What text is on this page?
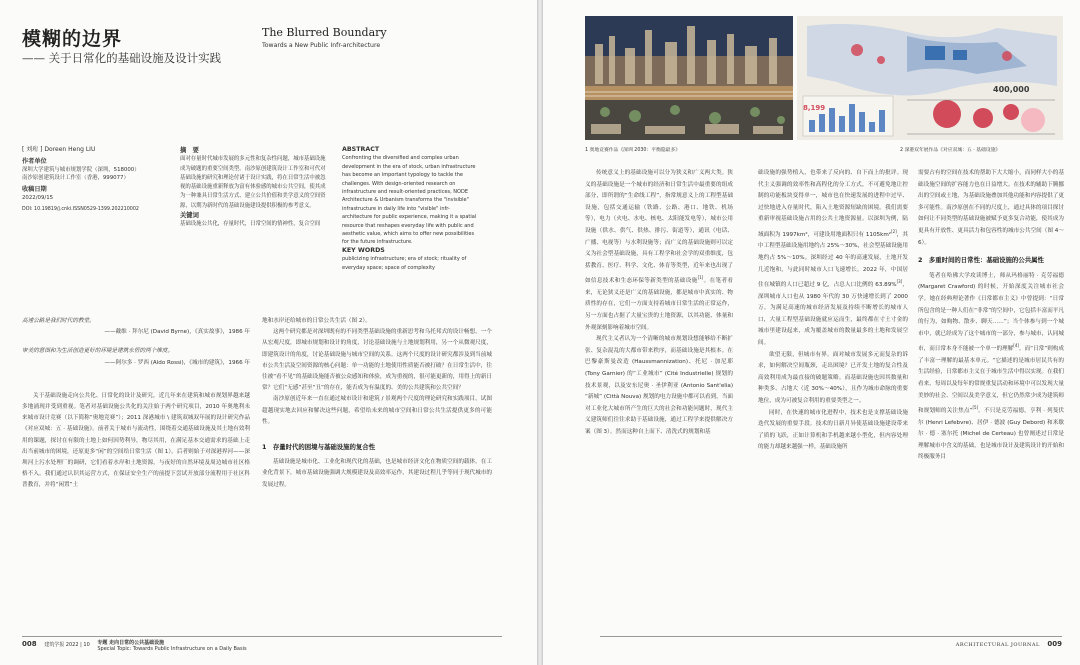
模糊的边界
—— 关于日常化的基础设施及设计实践
The Blurred Boundary
Towards a New Public Infr-architecture
[ 刘珩 ] Doreen Heng LIU
作者单位
深圳大学建筑与城市规划学院（深圳，518000）
南沙原创建筑设计工作室（香港，999077）
收稿日期
2022/09/15
DOI: 10.19819/j.cnki.ISSN0529-1399.202210002
摘　要
面对存量时代城市发展的多元性和复杂性问题，城市基础设施成为破题的重要空间类型。南沙原创建筑设计工作室和可代对基础设施的研究和理论付诸于设计实践，将在日常生活中被忽视的基础设施重新释放为富有体验感的城市公共空间，使其成为一种兼具日常生活方式、建立公共价值和美学意义的空间资源，以期为新时代的基础设施建设提供积极的参考意义。
关键词
基础设施公共化，存量时代，日常空间的情神性，复合空间
ABSTRACT
Confronting the diversified and complex urban development in the era of stock, urban infrastructure has become an important typology to tackle the challenges. With design-oriented research on infrastructure and result-oriented practices, NODE Architecture & Urbanism transforms the "invisible" infrastructure in daily life into "visible" infr-architecture for public experience, making it a spatial resource that reshapes everyday life with public and aesthetic value, which aims to offer new possibilities for the future infrastructure.
KEY WORDS
publicizing infrastructure; era of stock; rituality of everyday space; space of complexity
高速公路是我们时代的教堂。
——戴维 · 拜尔尼 (David Byrne)，《真实故事》，1986 年
审美的意图和为生活创造更好的环境是建筑永恒的两个维度。
——阿尔多 · 罗西 (Aldo Rossi)，《城市的建筑》，1966 年
关于基础设施走向公共化、日常化的设计及研究，近几年来在建筑和城市规划界越来越多地涌现并受到重视。笔者对基础设施公共化的关注始于两个研究项目，2010 年奥地利未来城市设计竞赛（以下简称“奥地竞赛”）；2011 深港城市 \ 建筑双城双年展的设计研究作品《对应双城：五 · 基础设施》。前者关于城市与流动性，围绕着交通基础设施及其土地有效利用的课题，探讨在有限的土地上如何因势利导，物尽其用，在满足基本交通需求的基础上走出当前城市的困境，还原更多“闲”的空间给日常生活（图 1）。后者则始于对深港界河——深圳河上污水处理厂的调研，它们看着水岸和土地资源，与夜好的自然环境及周边城市社区格格不入。我们通过认识其运营方式，在保证安全生产的前提下尝试开放部分流程用于社区科普教育，并将“闲置”土
地和水岸还给城市的日常公共生活（图 2）。
这两个研究都是对深圳既有的不同类型基础设施的重新思考和乌托邦式的设计畅想，一个从宏观尺度，即城市规划和设计的角度，讨论基础设施与土地规划利用，另一个从微观尺度，即建筑设计的角度，讨论基础设施与城市空间的关系。这两个尺度的设计研究都涉及到当前城市公共生活及空间资源的核心问题：单一功能的土地使用性质能否被打破？在日常生活中，往往被“看不见”的基础设施能否被公众感知和体验，成为重视的，很可能更新的，用得上的新日常？它们“无感”甚至“丑”的存在，能否成为有温度的、美的公共建筑和公共空间？
南沙原创近年来一直在通过城市设计和建筑 / 景观两个尺度的理论研究和实践项目，试图超越现实地去回应和解决这些问题，希望给未来的城市空间和日常公共生活提供更多的可能性。
1　存量时代的困境与基础设施的复合性
基础设施是城市化、工业化和现代化的基础，也是城市经济文化在物质空间的载体。在工业化背景下，城市基础设施强调大规模建设及高效率运作，其建设过程几乎等同于现代城市的发展过程。
008 建筑学报 2022 | 10 专题 走向日常的公共基础设施
Special Topic: Towards Public Infrastructure on a Daily Basis
1 奥地竞赛作品《深圳 2030：平衡隐最多》
8,199
400,000
2 深港双年展作品《对应双城：五 · 基础设施》
传统意义上的基础设施可以分为狭义和广义两大类。狭义的基础设施是一个城市的经济和日常生活中最重要的组成部分，即所谓的“生命线工程”，指常规意义上的工程型基础设施，包括交通运输（铁路、公路、港口、地铁、机场等），电力（火电、水电、核电、太阳能发电等），城市公用设施（供水、供气、供热、排污、街道等），通讯（电话、广播、电视等）与水利设施等；而广义的基础设施则可以定义为社会型基础设施，具有工程学和社会学的双重维度，包括教育、医疗、科学、文化、体育等类型，近年来也出现了如信息技术和生态环保等新类型的基础设施[1]。在笔者看来，无论狭义还是广义的基础设施，都是城市中真实的、物质性的存在，它们一方面支持着城市日常生活的正常运作，另一方面也占据了大量宝贵的土地资源，以其功能、体量和外观深刻影响着城市空间。
现代主义者认为一个清晰的城市规划设想能够给不断扩张、复杂混乱的大都市带来秩序，而基础设施是其根本。在巴黎豪斯曼改造 (Haussmannization)、托尼 · 加尼耶 (Tony Garnier) 的“工业城市” (Cité Industrielle) 规划的技术景观，以及安东尼奥 · 圣伊利亚 (Antonio Sant'elia) “新城” (Città Nouva) 规划的电力设施中都可以看到，当面对工业化大城市所产生的巨大的社会和功能问题时，现代主义建筑师们往往求助于基础设施，通过工程学来提供解决方案（图 3）。然而这种自上而下、清洗式的规划和基
础设施的强势植入，也带来了反向的、自下而上的批评。现代主义强调的效率性和高程化的分工方式，不可避免地让控制的功能板块变得单一，城市也在快速发展的进程中过早、过快地进入存量时代，陷入土地资源短缺的困境。我们需要重新审视基础设施占用的公共土地资源量。以深圳为例，陆域面积为 1997km²，可建设用地面积只有 1105km²[2]，其中工程型基础设施用地约占 25%～30%，社会型基础设施用地约占 5%～10%。深圳经过 40 年的高速发展，土地开发几近饱和，与此同时城市人口飞速增长。2022 年，中国居住在城镇的人口已超过 9 亿，占总人口比例的 63.89%[3]，深圳城市人口也从 1980 年代的 30 万快速增长到了 2000 万。为满足高速的城市经济发展及持续不断增长的城市人口，大量工程型基础设施就应运而生，最终都在寸土寸金的城市里建设起来，成为覆盖城市的数量最多的土地和发展空间。
欲望无限，但城市有界。面对城市发展多元而复杂的诉求，如何解决空间瓶颈，走出困境？已开发土地的复合性及高效利用成为最直接的破题策略。而基础设施也因其数量和种类多、占地大（近 30%～40%），且作为城市命脉的重要地位，成为可被复合利用的重要类型之一。
同时，在快速的城市化进程中，技术也是支撑基础设施迭代发展的重要手段。技术的日新月异使基础设施建设带来了质的飞跃，正如计算机和手机越来越小型化，但内容处理的能力却越来越强一样，基础设施所
需要占有的空间在技术的帮助下大大缩小，而同样大小的基础设施空间的扩容能力也在日益增大。在技术的辅助下腾挪出的空间或土地，为基础设施叠加其他功能和内容提供了更多可能性。南沙原创在不同的尺度上，通过具体的项目探讨如何让不同类型的基础设施被赋予更多复合功能，使其成为更具有开放性、更具活力和包容性的城市公共空间（图 4～6）。
2　多重时间的日常性：基础设施的公共属性
笔者在哈佛大学攻读博士，师从玛格丽特 · 克劳福德 (Margaret Crawford) 的时候，开始深度关注城市社会学。她在经典理论著作《日常都市主义》中曾提到：“日常所包含的是一种人们在“非常”的空间中，它包括丰富而平凡的行为，如购物、散步、聊天……”；当个体参与到一个城市中，就已经成为了这个城市的一部分，参与城市，认同城市，而日常本身不能被一个单一的理解[4]。而“日常”则构成了丰富一理解的最基本单元。“它描述的是城市居民共有的生活经验，日常都市主义在于城市生活中得以实现。在我们看来，每周以及每年的常规重复活动和环境中可以发现大量美妙的社会、空间以及美学意义，但它仍然常少成为建筑师和规划师的关注焦点”[5]。不只是克劳福德，亨利 · 列斐伏尔 (Henri Lefebvre)、居伊 · 德波 (Guy Debord) 和米歇尔 · 德 · 塞尔托 (Michel de Certeau) 也曾阐述过日常是理解城市中含义的基础，也是城市设计及建筑设计的开始和终极服务目
ARCHITECTURAL JOURNAL 009
